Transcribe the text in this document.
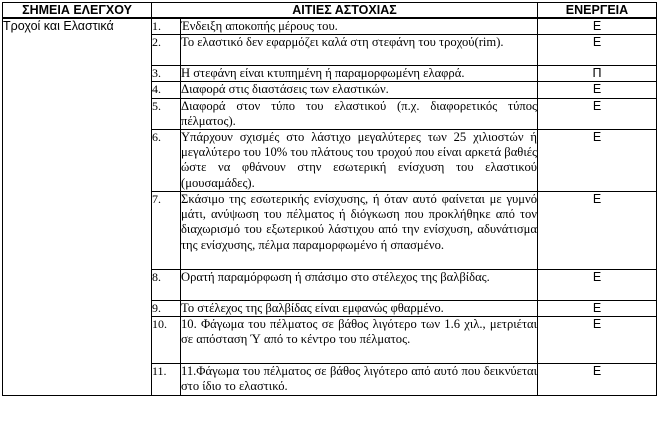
ΣΗΜΕΙΑ ΕΛΕΓΧΟΥ	ΑΙΤΙΕΣ ΑΣΤΟΧΙΑΣ		ΕΝΕΡΓΕΙΑ
Τροχοί και Ελαστικά	1.	Ένδειξη αποκοπής μέρους του.	Ε
	2.	Το ελαστικό δεν εφαρμόζει καλά στη στεφάνη του τροχού(rim).	Ε
	3.	Η στεφάνη είναι κτυπημένη ή παραμορφωμένη ελαφρά.	Π
	4.	Διαφορά στις διαστάσεις των ελαστικών.	Ε
	5.	Διαφορά στον τύπο του ελαστικού (π.χ. διαφορετικός τύπος πέλματος).	Ε
	6.	Υπάρχουν σχισμές στο λάστιχο μεγαλύτερες των 25 χιλιοστών ή μεγαλύτερο του 10% του πλάτους του τροχού που είναι αρκετά βαθιές ώστε να φθάνουν στην εσωτερική ενίσχυση του ελαστικού (μουσαμάδες).	Ε
	7.	Σκάσιμο της εσωτερικής ενίσχυσης, ή όταν αυτό φαίνεται με γυμνό μάτι, ανύψωση του πέλματος ή διόγκωση που προκλήθηκε από τον διαχωρισμό του εξωτερικού λάστιχου από την ενίσχυση, αδυνάτισμα της ενίσχυσης, πέλμα παραμορφωμένο ή σπασμένο.	Ε
	8.	Ορατή παραμόρφωση ή σπάσιμο στο στέλεχος της βαλβίδας.	Ε
	9.	Το στέλεχος της βαλβίδας είναι εμφανώς φθαρμένο.	Ε
	10.	10. Φάγωμα του πέλματος σε βάθος λιγότερο των 1.6 χιλ., μετριέται σε απόσταση Ύ από το κέντρο του πέλματος.	Ε
	11.	11.Φάγωμα του πέλματος σε βάθος λιγότερο από αυτό που δεικνύεται στο ίδιο το ελαστικό.	Ε
